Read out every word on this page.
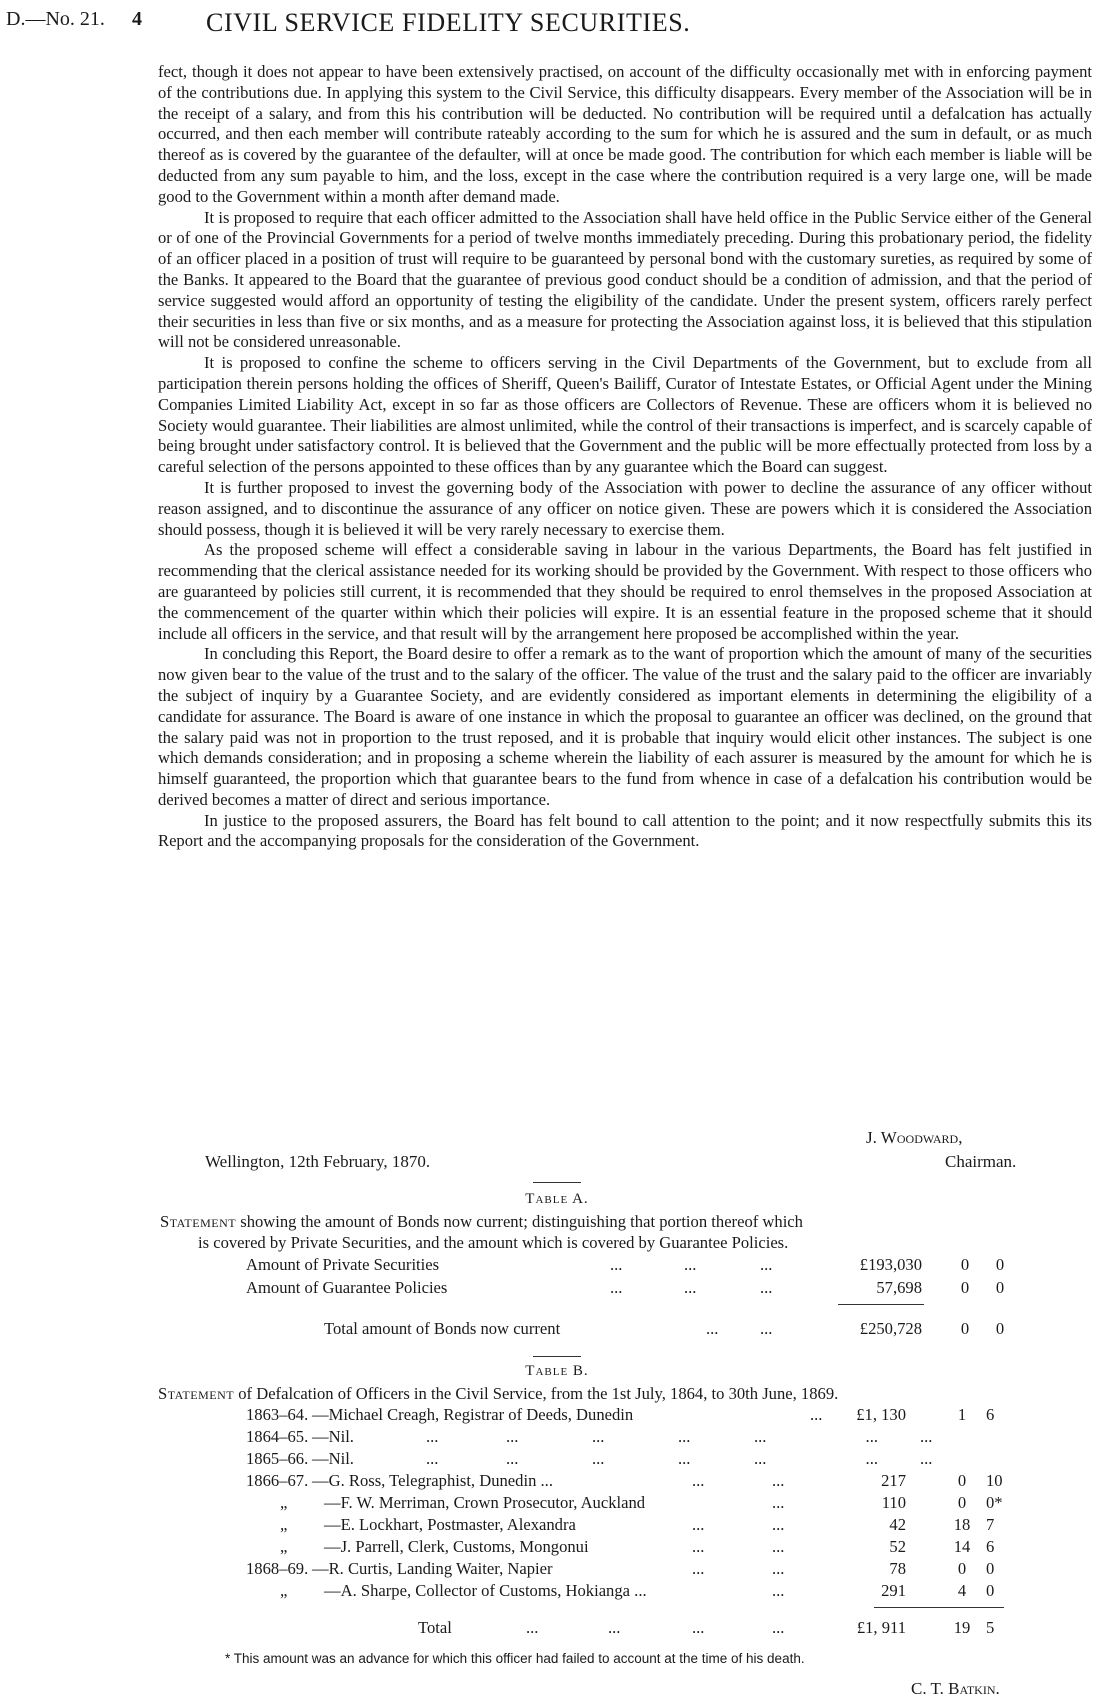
D.—No. 21. 4 CIVIL SERVICE FIDELITY SECURITIES.

fect, though it does not appear to have been extensively practised, on account of the difficulty occasionally met with in enforcing payment of the contributions due. In applying this system to the Civil Service, this difficulty disappears. Every member of the Association will be in the receipt of a salary, and from this his contribution will be deducted. No contribution will be required until a defalcation has actually occurred, and then each member will contribute rateably according to the sum for which he is assured and the sum in default, or as much thereof as is covered by the guarantee of the defaulter, will at once be made good. The contribution for which each member is liable will be deducted from any sum payable to him, and the loss, except in the case where the contribution required is a very large one, will be made good to the Government within a month after demand made.

It is proposed to require that each officer admitted to the Association shall have held office in the Public Service either of the General or of one of the Provincial Governments for a period of twelve months immediately preceding. During this probationary period, the fidelity of an officer placed in a position of trust will require to be guaranteed by personal bond with the customary sureties, as required by some of the Banks. It appeared to the Board that the guarantee of previous good conduct should be a condition of admission, and that the period of service suggested would afford an opportunity of testing the eligibility of the candidate. Under the present system, officers rarely perfect their securities in less than five or six months, and as a measure for protecting the Association against loss, it is believed that this stipulation will not be considered unreasonable.

It is proposed to confine the scheme to officers serving in the Civil Departments of the Government, but to exclude from all participation therein persons holding the offices of Sheriff, Queen's Bailiff, Curator of Intestate Estates, or Official Agent under the Mining Companies Limited Liability Act, except in so far as those officers are Collectors of Revenue. These are officers whom it is believed no Society would guarantee. Their liabilities are almost unlimited, while the control of their transactions is imperfect, and is scarcely capable of being brought under satisfactory control. It is believed that the Government and the public will be more effectually protected from loss by a careful selection of the persons appointed to these offices than by any guarantee which the Board can suggest.

It is further proposed to invest the governing body of the Association with power to decline the assurance of any officer without reason assigned, and to discontinue the assurance of any officer on notice given. These are powers which it is considered the Association should possess, though it is believed it will be very rarely necessary to exercise them.

As the proposed scheme will effect a considerable saving in labour in the various Departments, the Board has felt justified in recommending that the clerical assistance needed for its working should be provided by the Government. With respect to those officers who are guaranteed by policies still current, it is recommended that they should be required to enrol themselves in the proposed Association at the commencement of the quarter within which their policies will expire. It is an essential feature in the proposed scheme that it should include all officers in the service, and that result will by the arrangement here proposed be accomplished within the year.

In concluding this Report, the Board desire to offer a remark as to the want of proportion which the amount of many of the securities now given bear to the value of the trust and to the salary of the officer. The value of the trust and the salary paid to the officer are invariably the subject of inquiry by a Guarantee Society, and are evidently considered as important elements in determining the eligibility of a candidate for assurance. The Board is aware of one instance in which the proposal to guarantee an officer was declined, on the ground that the salary paid was not in proportion to the trust reposed, and it is probable that inquiry would elicit other instances. The subject is one which demands consideration; and in proposing a scheme wherein the liability of each assurer is measured by the amount for which he is himself guaranteed, the proportion which that guarantee bears to the fund from whence in case of a defalcation his contribution would be derived becomes a matter of direct and serious importance.

In justice to the proposed assurers, the Board has felt bound to call attention to the point; and it now respectfully submits this its Report and the accompanying proposals for the consideration of the Government.

J. Woodward,
Chairman.
Wellington, 12th February, 1870.
Table A.
Statement showing the amount of Bonds now current; distinguishing that portion thereof which
is covered by Private Securities, and the amount which is covered by Guarantee Policies.
Amount of Private Securities	...	...	...	£193,030 0 0
Amount of Guarantee Policies	...	...	...	57,698 0 0
Total amount of Bonds now current	...	...	£250,728 0 0
Table B.
Statement of Defalcation of Officers in the Civil Service, from the 1st July, 1864, to 30th June, 1869.
1863–64. —Michael Creagh, Registrar of Deeds, Dunedin	... £1, 130	1	6
1864–65. —Nil.	...	...	...	...	...	...	...
1865–66. —Nil.	...	...	...	...	...	...	...
1866–67. —G. Ross, Telegraphist, Dunedin ...	...	...	217	0	10
„ —F. W. Merriman, Crown Prosecutor, Auckland	...	110	0	0*
„ —E. Lockhart, Postmaster, Alexandra	...	...	42	18 7
„ —J. Parrell, Clerk, Customs, Mongonui	...	...	52	14 6
1868–69. —R. Curtis, Landing Waiter, Napier	...	...	78	0	0
„ —A. Sharpe, Collector of Customs, Hokianga ...	...	291	4	0
Total	...	...	...	...	£1, 911	19 5
* This amount was an advance for which this officer had failed to account at the time of his death.
C. T. Batkin.
